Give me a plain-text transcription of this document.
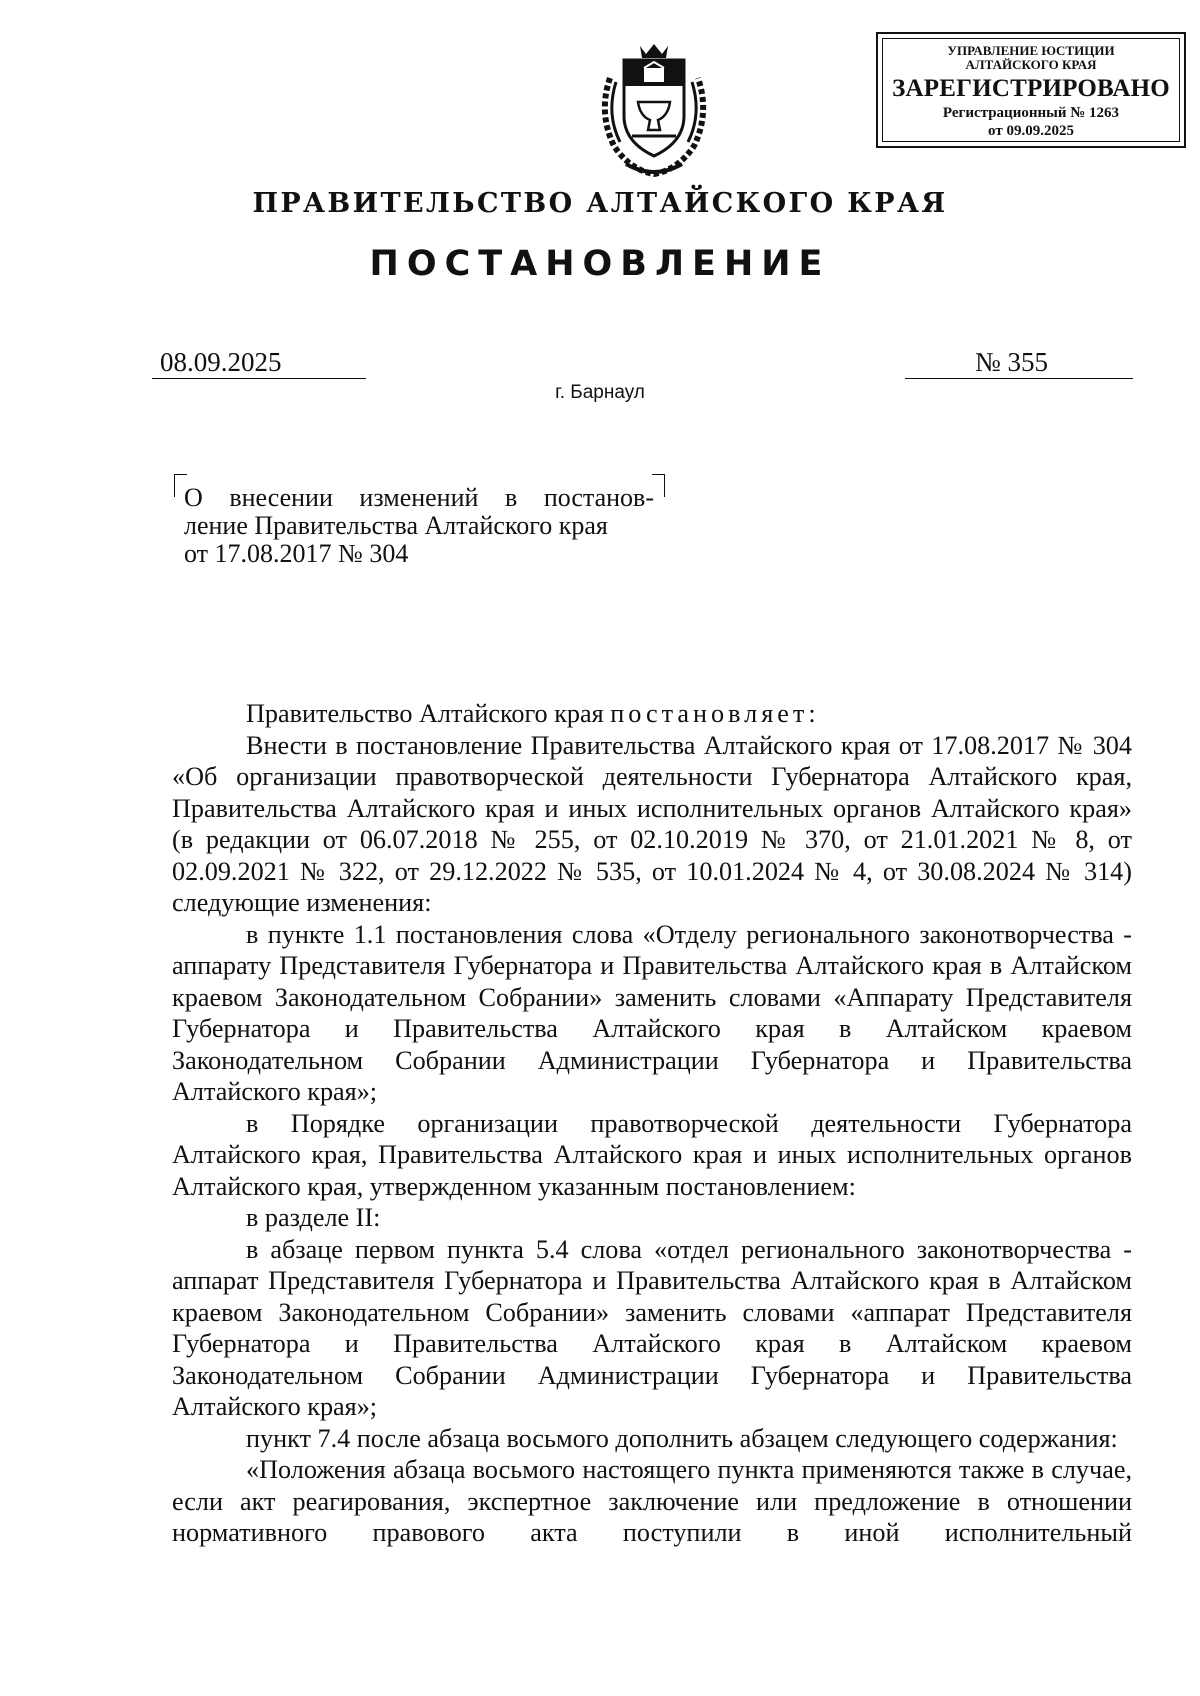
УПРАВЛЕНИЕ ЮСТИЦИИ
АЛТАЙСКОГО КРАЯ
ЗАРЕГИСТРИРОВАНО
Регистрационный № 1263
от 09.09.2025
ПРАВИТЕЛЬСТВО АЛТАЙСКОГО КРАЯ
ПОСТАНОВЛЕНИЕ
08.09.2025	№ 355
г. Барнаул
О внесении изменений в постанов-
ление Правительства Алтайского края
от 17.08.2017 № 304

Правительство Алтайского края постановляет:

Внести в постановление Правительства Алтайского края от 17.08.2017 № 304 «Об организации правотворческой деятельности Губернатора Алтайского края, Правительства Алтайского края и иных исполнительных органов Алтайского края» (в редакции от 06.07.2018 № 255, от 02.10.2019 № 370, от 21.01.2021 № 8, от 02.09.2021 № 322, от 29.12.2022 № 535, от 10.01.2024 № 4, от 30.08.2024 № 314) следующие изменения:

в пункте 1.1 постановления слова «Отделу регионального законотворчества - аппарату Представителя Губернатора и Правительства Алтайского края в Алтайском краевом Законодательном Собрании» заменить словами «Аппарату Представителя Губернатора и Правительства Алтайского края в Алтайском краевом Законодательном Собрании Администрации Губернатора и Правительства Алтайского края»;

в Порядке организации правотворческой деятельности Губернатора Алтайского края, Правительства Алтайского края и иных исполнительных органов Алтайского края, утвержденном указанным постановлением:

в разделе II:

в абзаце первом пункта 5.4 слова «отдел регионального законотворчества - аппарат Представителя Губернатора и Правительства Алтайского края в Алтайском краевом Законодательном Собрании» заменить словами «аппарат Представителя Губернатора и Правительства Алтайского края в Алтайском краевом Законодательном Собрании Администрации Губернатора и Правительства Алтайского края»;

пункт 7.4 после абзаца восьмого дополнить абзацем следующего содержания:

«Положения абзаца восьмого настоящего пункта применяются также в случае, если акт реагирования, экспертное заключение или предложение в отношении нормативного правового акта поступили в иной исполнительный
